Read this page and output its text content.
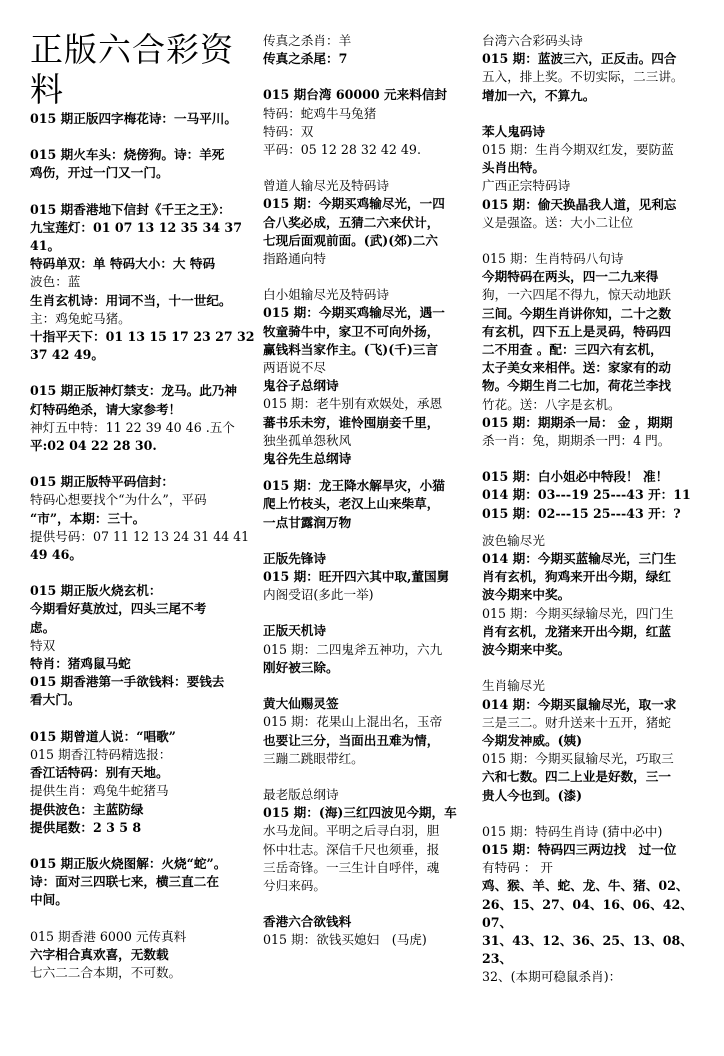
正版六合彩资
料
015 期正版四字梅花诗：一马平川。
015 期火车头：烧傍狗。诗：羊死
鸡伤，开过一门又一门。
015 期香港地下信封《千王之王》：
九宝莲灯：01 07 13 12 35 34 37 41。
特码单双：单 特码大小：大 特码
波色：蓝
生肖玄机诗：用词不当，十一世纪。
主：鸡兔蛇马猪。
十指平天下：01 13 15 17 23 27 32
37 42 49。
015 期正版神灯禁支：龙马。此乃神
灯特码绝杀，请大家参考！
神灯五中特：11 22 39 40 46 .五个
平:02 04 22 28 30.
015 期正版特平码信封：
特码心想要找个“为什么”，平码
“市”，本期：三十。
提供号码：07 11 12 13 24 31 44 41
49 46。
015 期正版火烧玄机：
今期看好莫放过，四头三尾不考
虑。
特双
特肖：猪鸡鼠马蛇
015 期香港第一手欲钱料：要钱去
看大门。
015 期曾道人说：“唱歌”
015 期香江特码精选报：
香江话特码：别有天地。
提供生肖：鸡兔牛蛇猪马
提供波色：主蓝防绿
提供尾数：2 3 5 8
015 期正版火烧图解：火烧“蛇”。
诗：面对三四联七来，横三直二在
中间。
015 期香港 6000 元传真料
六字相合真欢喜，无数载
七六二二合本期，不可数。
传真之杀肖：羊
传真之杀尾：7
015 期台湾 60000 元来料信封
特码：蛇鸡牛马兔猪
特码：双
平码：05 12 28 32 42 49.
曾道人输尽光及特码诗
015 期：今期买鸡输尽光，一四
合八奖必成，五猜二六来伏计，
七现后面观前面。(武)(郊)二六
指路通向特
白小姐输尽光及特码诗
015 期：今期买鸡输尽光，遇一
牧童骑牛中，家卫不可向外扬，
赢钱料当家作主。(飞)(千)三言
两语说不尽
鬼谷子总纲诗
015 期：老牛别有欢娱处，承恩
蕃书乐未穷，谁怜囤崩妾千里，
独坐孤单怨秋风
鬼谷先生总纲诗
015 期：龙王降水解旱灾，小猫
爬上竹枝头，老汉上山来柴草，
一点甘露润万物
正版先锋诗
015 期：旺开四六其中取,董国舅
内阁受诏(多此一举)
正版天机诗
015 期：二四鬼斧五神功，六九
刚好被三除。
黄大仙赐灵签
015 期：花果山上混出名，玉帝
也要让三分，当面出丑难为情，
三蹦二跳眼带红。
最老版总纲诗
015 期：(海)三红四波见今期，车
水马龙间。平明之后寻白羽，胆
怀中壮志。深信千尺也须垂，报
三岳奇锋。一三生计自呼伴，魂
兮归来码。
香港六合欲钱料
015 期：欲钱买媳妇　(马虎)
台湾六合彩码头诗
015 期：蓝波三六，正反击。四合
五入，排上奖。不切实际，二三讲。
增加一六，不算九。
苯人鬼码诗
015 期：生肖今期双红发，要防蓝
头肖出特。
广西正宗特码诗
015 期：偷天换晶我人道，见利忘
义是强盗。送：大小二让位
015 期：生肖特码八句诗
今期特码在两头，四一二九来得
狗，一六四尾不得九，惊天动地跃
三间。今期生肖讲你知，二十之数
有玄机，四下五上是灵码，特码四
二不用查 。配：三四六有玄机，
太子美女来相伴。送：家家有的动
物。今期生肖二七加，荷花兰李找
竹花。送：八字是玄机。
015 期：期期杀一局： 金 ，期期
杀一肖：兔，期期杀一門：4 門。
015 期：白小姐必中特段！ 准！
014 期：03---19 25---43 开：11
015 期：02---15 25---43 开：?
波色输尽光
014 期：今期买蓝输尽光，三门生
肖有玄机，狗鸡来开出今期，绿红
波今期来中奖。
015 期：今期买绿输尽光，四门生
肖有玄机，龙猪来开出今期，红蓝
波今期来中奖。
生肖输尽光
014 期：今期买鼠输尽光，取一求
三是三二。财升送来十五开，猪蛇
今期发神威。(姨)
015 期：今期买鼠输尽光，巧取三
六和七数。四二上业是好数，三一
贵人今也到。(漆)
015 期：特码生肖诗 (猜中必中)
015 期：特码四三两边找　过一位
有特码 ： 开
鸡、猴、羊、蛇、龙、牛、猪、02、
26、15、27、04、16、06、42、07、
31、43、12、36、25、13、08、23、
32、(本期可稳鼠杀肖)：
